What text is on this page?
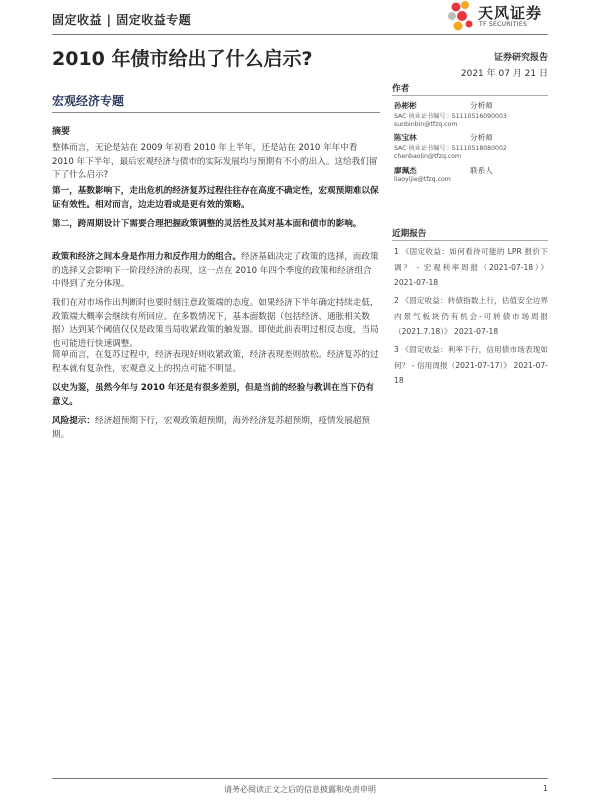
固定收益 | 固定收益专题	天风证券
TF SECURITIES
2010 年债市给出了什么启示?	证券研究报告
2021 年 07 月 21 日
宏观经济专题
摘要

整体而言，无论是站在 2009 年初看 2010 年上半年，还是站在 2010 年年中看 2010 年下半年，最后宏观经济与债市的实际发展均与预期有不小的出入。这给我们留下了什么启示?

第一，基数影响下，走出危机的经济复苏过程往往存在高度不确定性，宏观预期难以保证有效性。相对而言，边走边看或是更有效的策略。

第二，跨周期设计下需要合理把握政策调整的灵活性及其对基本面和债市的影响。

政策和经济之间本身是作用力和反作用力的组合。经济基础决定了政策的选择，而政策的选择又会影响下一阶段经济的表现，这一点在 2010 年四个季度的政策和经济组合中得到了充分体现。

我们在对市场作出判断时也要时刻注意政策端的态度。如果经济下半年确定持续走低，政策端大概率会继续有所回应。在多数情况下，基本面数据（包括经济、通胀相关数据）达到某个阈值仅仅是政策当局收紧政策的触发器。即使此前表明过相反态度，当局也可能进行快速调整。

简单而言，在复苏过程中，经济表现好则收紧政策，经济表现差则放松。经济复苏的过程本就有复杂性，宏观意义上的拐点可能不明显。

以史为鉴，虽然今年与 2010 年还是有很多差别，但是当前的经验与教训在当下仍有意义。

风险提示：经济超预期下行，宏观政策超预期，海外经济复苏超预期，疫情发展超预期。

作者
孙彬彬	分析师
SAC 执业证书编号：S1110516090003
sunbinbin@tfzq.com
陈宝林	分析师
SAC 执业证书编号：S1110518080002
chenbaolin@tfzq.com
廖珮杰	联系人
liaoyijie@tfzq.com
近期报告

1 《固定收益：如何看待可能的 LPR 报价下调？ - 宏观利率周报（2021-07-18）》 2021-07-18

2 《固定收益：转债指数上行，估值安全边界内景气板块仍有机会-可转债市场周报（2021.7.18）》 2021-07-18

3 《固定收益：利率下行，信用债市场表现如何？ - 信用周报（2021-07-17）》 2021-07-18

请务必阅读正文之后的信息披露和免责申明	1
